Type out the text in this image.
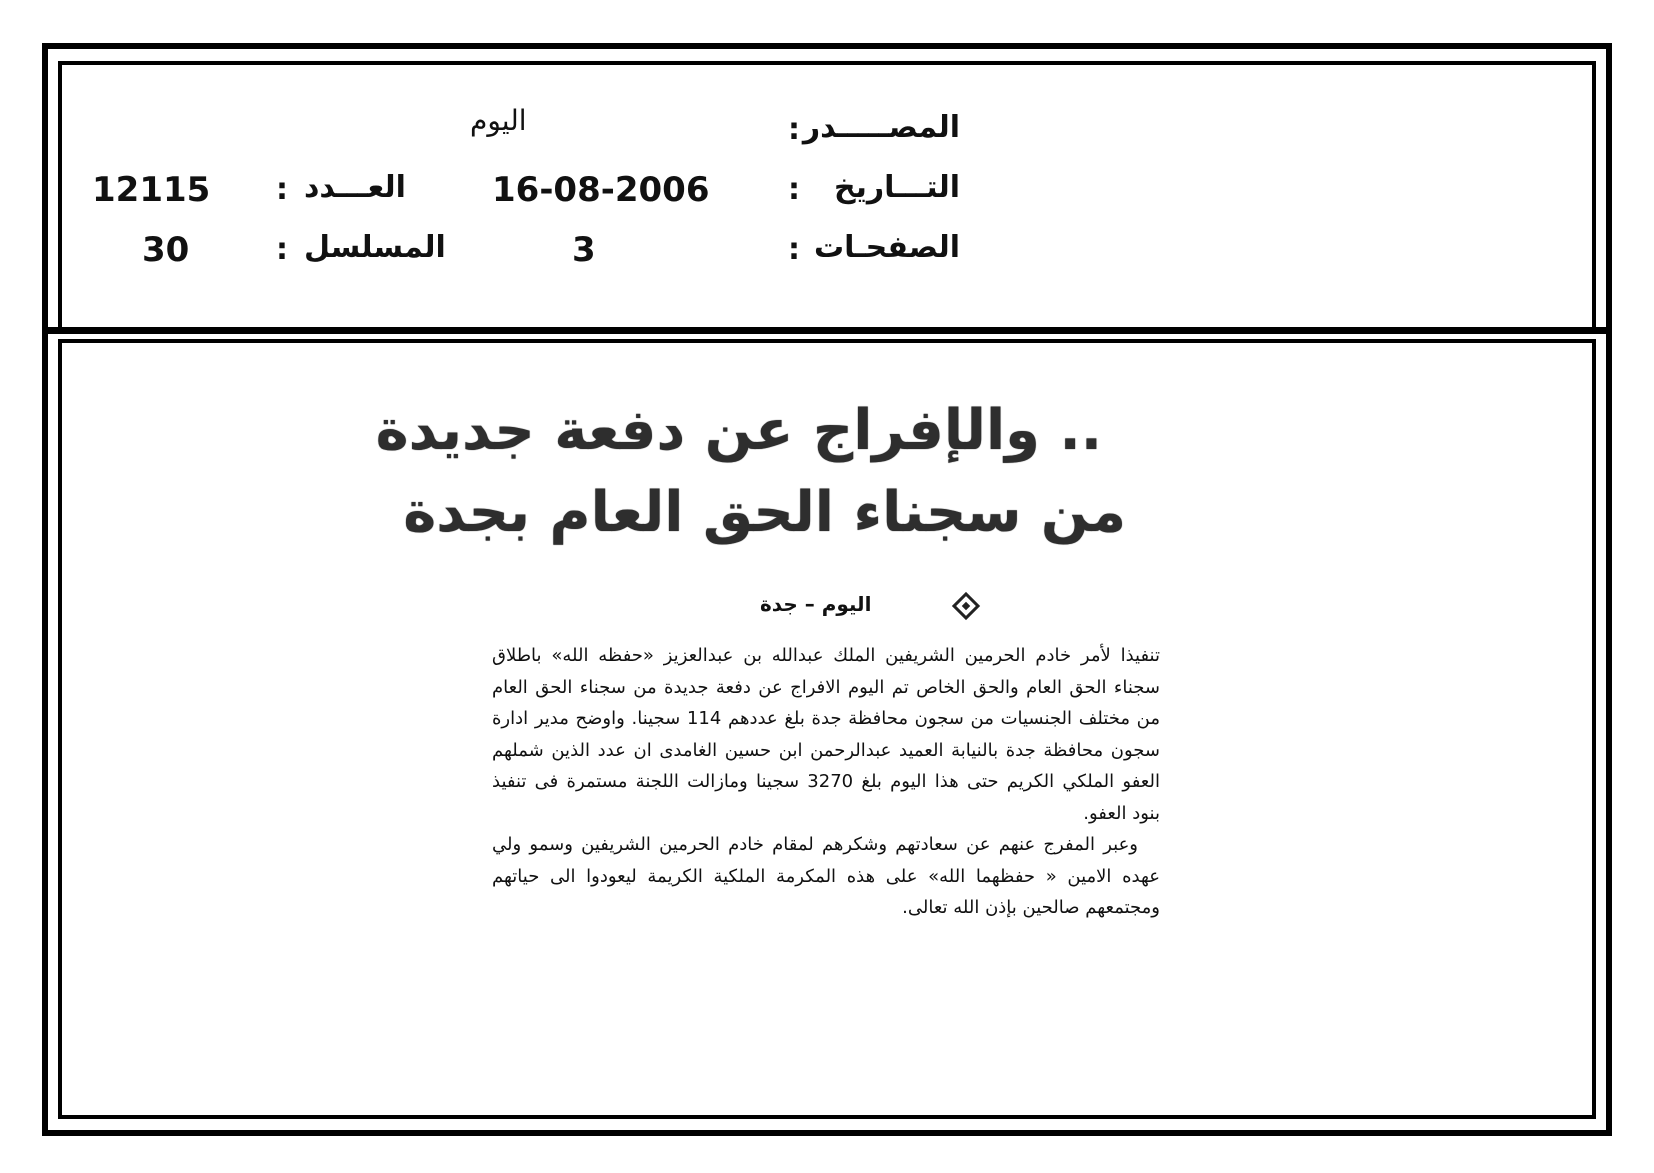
المصـــــدر
:
اليوم
التـــاريخ
:
16-08-2006
العـــدد
:
12115
الصفحـات
:
3
المسلسل
:
30
.. والإفراج عن دفعة جديدة
من سجناء الحق العام بجدة
اليوم – جدة

تنفيذا لأمر خادم الحرمين الشريفين الملك عبدالله بن عبدالعزيز «حفظه الله» باطلاق سجناء الحق العام والحق الخاص تم اليوم الافراج عن دفعة جديدة من سجناء الحق العام من مختلف الجنسيات من سجون محافظة جدة بلغ عددهم 114 سجينا. واوضح مدير ادارة سجون محافظة جدة بالنيابة العميد عبدالرحمن ابن حسين الغامدى ان عدد الذين شملهم العفو الملكي الكريم حتى هذا اليوم بلغ 3270 سجينا ومازالت اللجنة مستمرة فى تنفيذ بنود العفو.

وعبر المفرج عنهم عن سعادتهم وشكرهم لمقام خادم الحرمين الشريفين وسمو ولي عهده الامين « حفظهما الله» على هذه المكرمة الملكية الكريمة ليعودوا الى حياتهم ومجتمعهم صالحين بإذن الله تعالى.
